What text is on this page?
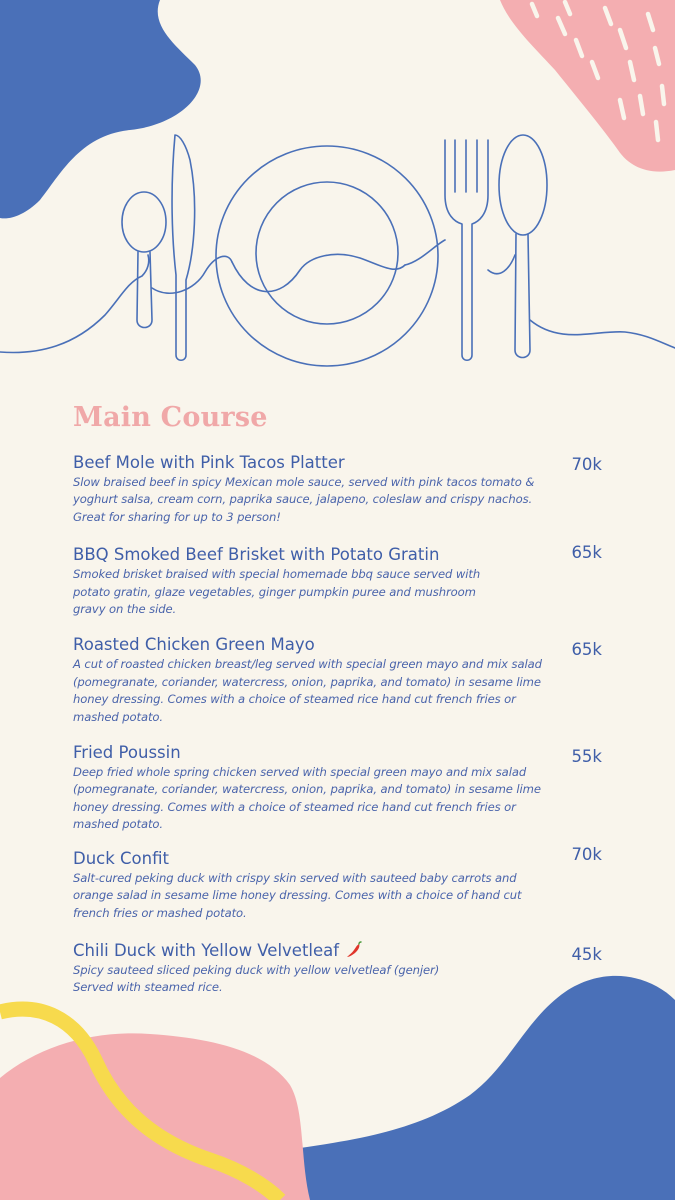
Main Course
70k
Beef Mole with Pink Tacos Platter
Slow braised beef in spicy Mexican mole sauce, served with pink tacos tomato & yoghurt salsa, cream corn, paprika sauce, jalapeno, coleslaw and crispy nachos. Great for sharing for up to 3 person!
65k
BBQ Smoked Beef Brisket with Potato Gratin
Smoked brisket braised with special homemade bbq sauce served with potato gratin, glaze vegetables, ginger pumpkin puree and mushroom gravy on the side.
65k
Roasted Chicken Green Mayo
A cut of roasted chicken breast/leg served with special green mayo and mix salad (pomegranate, coriander, watercress, onion, paprika, and tomato) in sesame lime honey dressing. Comes with a choice of steamed rice hand cut french fries or mashed potato.
55k
Fried Poussin
Deep fried whole spring chicken served with special green mayo and mix salad (pomegranate, coriander, watercress, onion, paprika, and tomato) in sesame lime honey dressing. Comes with a choice of steamed rice hand cut french fries or mashed potato.
70k
Duck Confit
Salt-cured peking duck with crispy skin served with sauteed baby carrots and orange salad in sesame lime honey dressing. Comes with a choice of hand cut french fries or mashed potato.
45k
Chili Duck with Yellow Velvetleaf
Spicy sauteed sliced peking duck with yellow velvetleaf (genjer) Served with steamed rice.
